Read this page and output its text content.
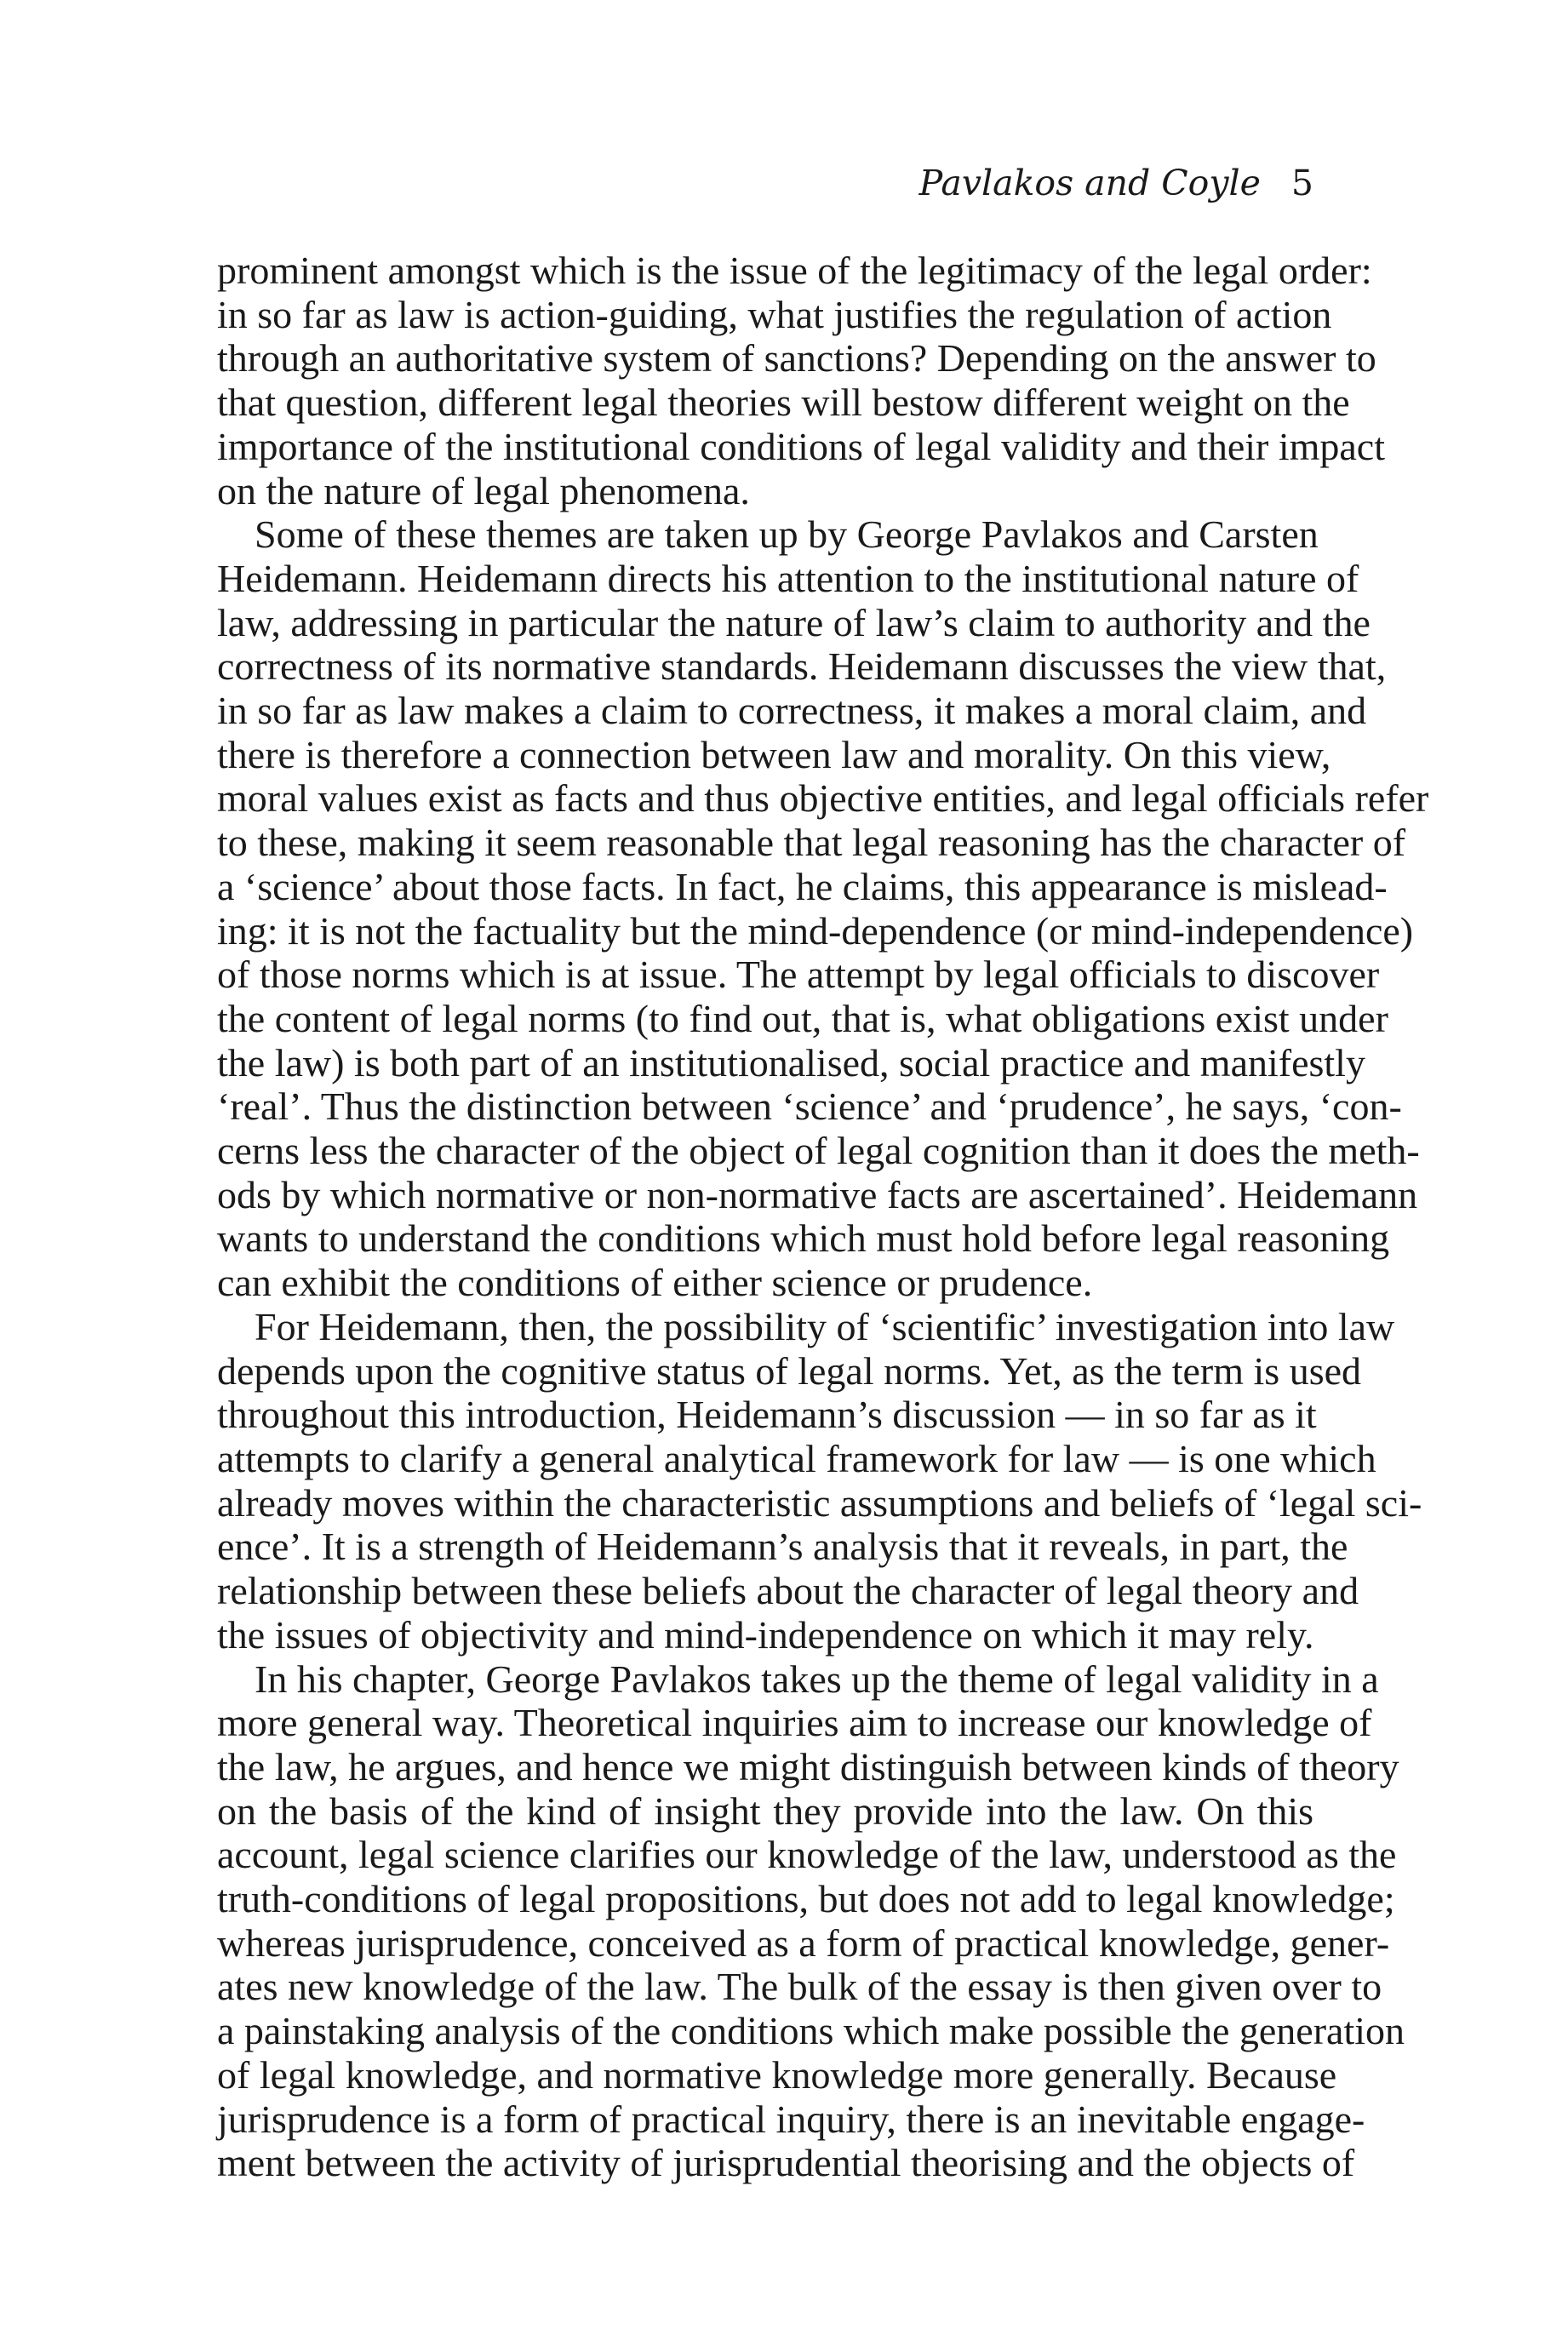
Pavlakos and Coyle 5

prominent amongst which is the issue of the legitimacy of the legal order:
in so far as law is action-guiding, what justifies the regulation of action
through an authoritative system of sanctions? Depending on the answer to
that question, different legal theories will bestow different weight on the
importance of the institutional conditions of legal validity and their impact
on the nature of legal phenomena.

Some of these themes are taken up by George Pavlakos and Carsten
Heidemann. Heidemann directs his attention to the institutional nature of
law, addressing in particular the nature of law’s claim to authority and the
correctness of its normative standards. Heidemann discusses the view that,
in so far as law makes a claim to correctness, it makes a moral claim, and
there is therefore a connection between law and morality. On this view,
moral values exist as facts and thus objective entities, and legal officials refer
to these, making it seem reasonable that legal reasoning has the character of
a ‘science’ about those facts. In fact, he claims, this appearance is mislead-
ing: it is not the factuality but the mind-dependence (or mind-independence)
of those norms which is at issue. The attempt by legal officials to discover
the content of legal norms (to find out, that is, what obligations exist under
the law) is both part of an institutionalised, social practice and manifestly
‘real’. Thus the distinction between ‘science’ and ‘prudence’, he says, ‘con-
cerns less the character of the object of legal cognition than it does the meth-
ods by which normative or non-normative facts are ascertained’. Heidemann
wants to understand the conditions which must hold before legal reasoning
can exhibit the conditions of either science or prudence.

For Heidemann, then, the possibility of ‘scientific’ investigation into law
depends upon the cognitive status of legal norms. Yet, as the term is used
throughout this introduction, Heidemann’s discussion — in so far as it
attempts to clarify a general analytical framework for law — is one which
already moves within the characteristic assumptions and beliefs of ‘legal sci-
ence’. It is a strength of Heidemann’s analysis that it reveals, in part, the
relationship between these beliefs about the character of legal theory and
the issues of objectivity and mind-independence on which it may rely.

In his chapter, George Pavlakos takes up the theme of legal validity in a
more general way. Theoretical inquiries aim to increase our knowledge of
the law, he argues, and hence we might distinguish between kinds of theory
on the basis of the kind of insight they provide into the law. On this
account, legal science clarifies our knowledge of the law, understood as the
truth-conditions of legal propositions, but does not add to legal knowledge;
whereas jurisprudence, conceived as a form of practical knowledge, gener-
ates new knowledge of the law. The bulk of the essay is then given over to
a painstaking analysis of the conditions which make possible the generation
of legal knowledge, and normative knowledge more generally. Because
jurisprudence is a form of practical inquiry, there is an inevitable engage-
ment between the activity of jurisprudential theorising and the objects of
